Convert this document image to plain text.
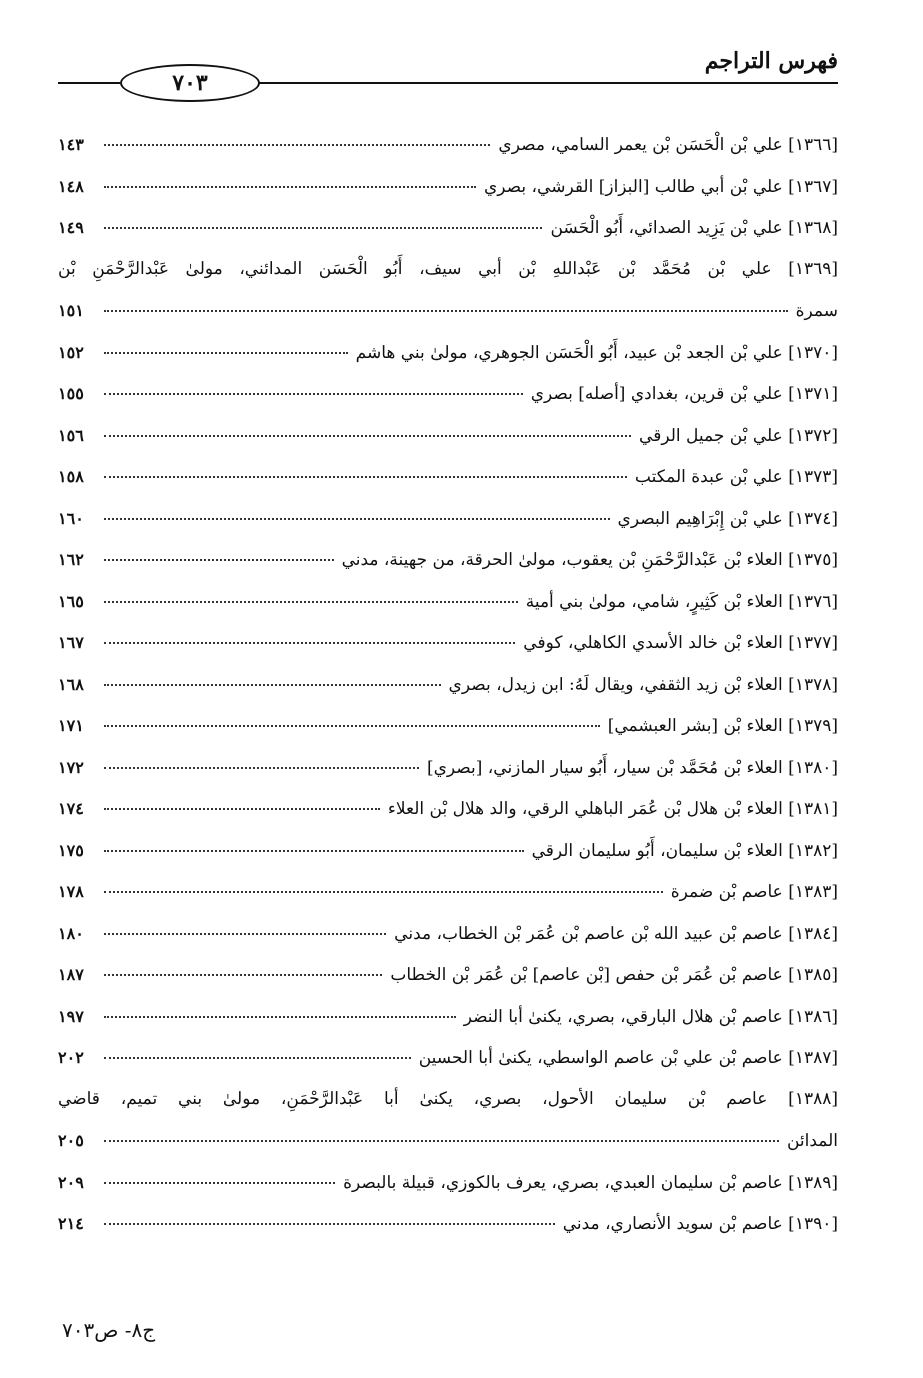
فهرس التراجم
٧٠٣
١٤٣	[١٣٦٦] علي بْن الْحَسَن بْن يعمر السامي، مصري
١٤٨	[١٣٦٧] علي بْن أبي طالب [البزاز] القرشي، بصري
١٤٩	[١٣٦٨] علي بْن يَزِيد الصدائي، أَبُو الْحَسَن
[١٣٦٩] علي بْن مُحَمَّد بْن عَبْداللهِ بْن أبي سيف، أَبُو الْحَسَن المدائني، مولىٰ عَبْدالرَّحْمَنِ بْن
١٥١	سمرة
١٥٢	[١٣٧٠] علي بْن الجعد بْن عبيد، أَبُو الْحَسَن الجوهري، مولىٰ بني هاشم
١٥٥	[١٣٧١] علي بْن قرين، بغدادي [أصله] بصري
١٥٦	[١٣٧٢] علي بْن جميل الرقي
١٥٨	[١٣٧٣] علي بْن عبدة المكتب
١٦٠	[١٣٧٤] علي بْن إِبْرَاهِيم البصري
١٦٢	[١٣٧٥] العلاء بْن عَبْدالرَّحْمَنِ بْن يعقوب، مولىٰ الحرقة، من جهينة، مدني
١٦٥	[١٣٧٦] العلاء بْن كَثِيرٍ، شامي، مولىٰ بني أمية
١٦٧	[١٣٧٧] العلاء بْن خالد الأسدي الكاهلي، كوفي
١٦٨	[١٣٧٨] العلاء بْن زيد الثقفي، ويقال لَهُ: ابن زيدل، بصري
١٧١	[١٣٧٩] العلاء بْن [بشر العبشمي]
١٧٢	[١٣٨٠] العلاء بْن مُحَمَّد بْن سيار، أَبُو سيار المازني، [بصري]
١٧٤	[١٣٨١] العلاء بْن هلال بْن عُمَر الباهلي الرقي، والد هلال بْن العلاء
١٧٥	[١٣٨٢] العلاء بْن سليمان، أَبُو سليمان الرقي
١٧٨	[١٣٨٣] عاصم بْن ضمرة
١٨٠	[١٣٨٤] عاصم بْن عبيد الله بْن عاصم بْن عُمَر بْن الخطاب، مدني
١٨٧	[١٣٨٥] عاصم بْن عُمَر بْن حفص [بْن عاصم] بْن عُمَر بْن الخطاب
١٩٧	[١٣٨٦] عاصم بْن هلال البارقي، بصري، يكنىٰ أبا النضر
٢٠٢	[١٣٨٧] عاصم بْن علي بْن عاصم الواسطي، يكنىٰ أبا الحسين
[١٣٨٨] عاصم بْن سليمان الأحول، بصري، يكنىٰ أبا عَبْدالرَّحْمَنِ، مولىٰ بني تميم، قاضي
٢٠٥	المدائن
٢٠٩	[١٣٨٩] عاصم بْن سليمان العبدي، بصري، يعرف بالكوزي، قبيلة بالبصرة
٢١٤	[١٣٩٠] عاصم بْن سويد الأنصاري، مدني
ج٨- ص٧٠٣
